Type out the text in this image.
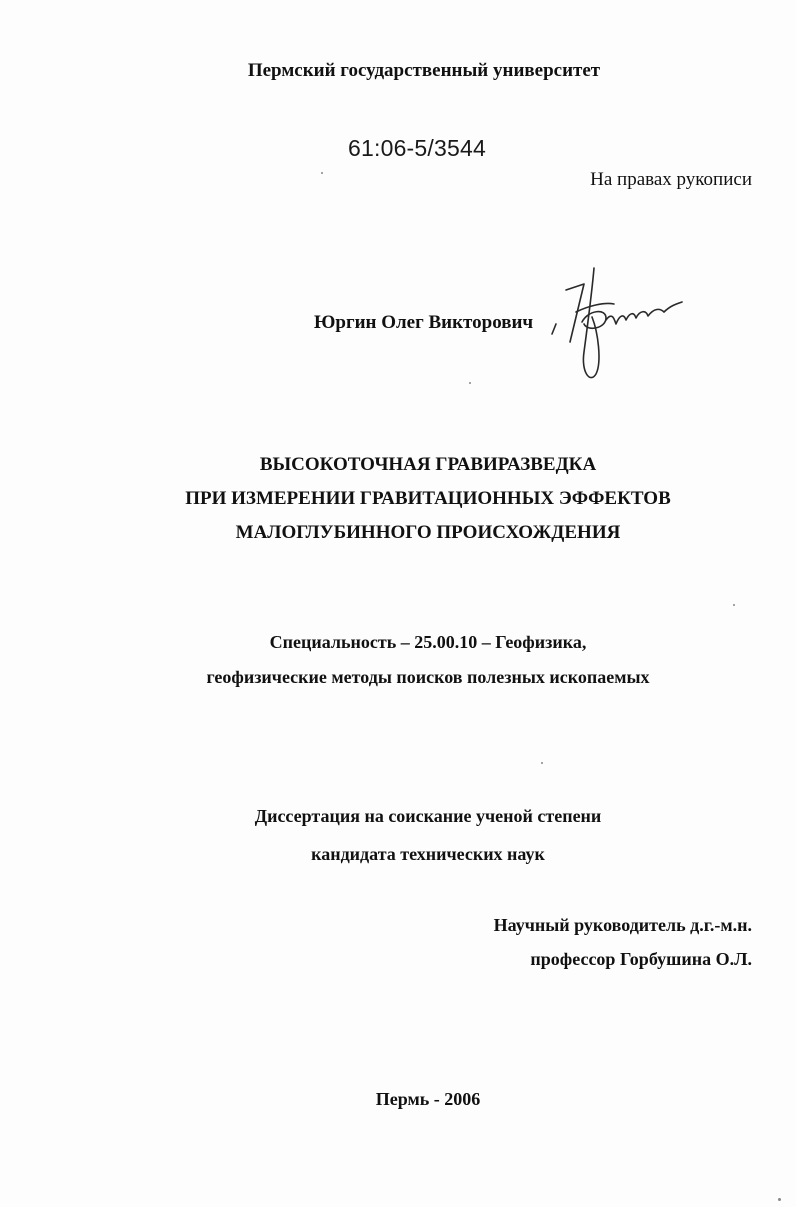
Пермский государственный университет
61:06-5/3544
На правах рукописи
Юргин Олег Викторович
ВЫСОКОТОЧНАЯ ГРАВИРАЗВЕДКА
ПРИ ИЗМЕРЕНИИ ГРАВИТАЦИОННЫХ ЭФФЕКТОВ
МАЛОГЛУБИННОГО ПРОИСХОЖДЕНИЯ
Специальность – 25.00.10 – Геофизика,
геофизические методы поисков полезных ископаемых
Диссертация на соискание ученой степени
кандидата технических наук
Научный руководитель д.г.-м.н.
профессор Горбушина О.Л.
Пермь - 2006
